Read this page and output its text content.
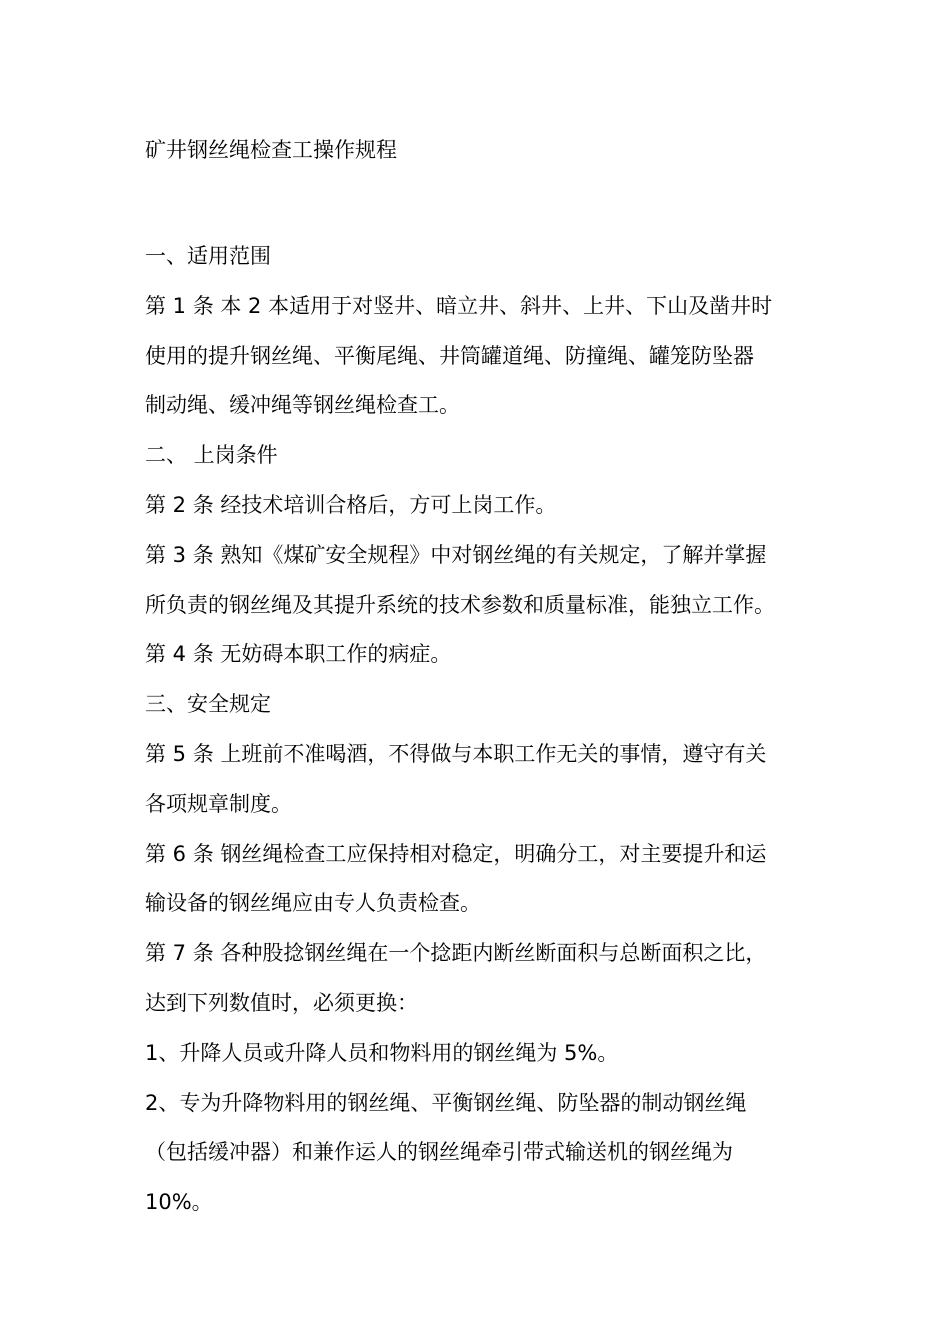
矿井钢丝绳检查工操作规程

一、适用范围

第 1 条 本 2 本适用于对竖井、暗立井、斜井、上井、下山及凿井时

使用的提升钢丝绳、平衡尾绳、井筒罐道绳、防撞绳、罐笼防坠器

制动绳、缓冲绳等钢丝绳检查工。

二、 上岗条件

第 2 条 经技术培训合格后，方可上岗工作。

第 3 条 熟知《煤矿安全规程》中对钢丝绳的有关规定，了解并掌握

所负责的钢丝绳及其提升系统的技术参数和质量标准，能独立工作。

第 4 条 无妨碍本职工作的病症。

三、安全规定

第 5 条 上班前不准喝酒，不得做与本职工作无关的事情，遵守有关

各项规章制度。

第 6 条 钢丝绳检查工应保持相对稳定，明确分工，对主要提升和运

输设备的钢丝绳应由专人负责检查。

第 7 条 各种股捻钢丝绳在一个捻距内断丝断面积与总断面积之比，

达到下列数值时，必须更换：

1、升降人员或升降人员和物料用的钢丝绳为 5%。

2、专为升降物料用的钢丝绳、平衡钢丝绳、防坠器的制动钢丝绳

（包括缓冲器）和兼作运人的钢丝绳牵引带式输送机的钢丝绳为

10%。
